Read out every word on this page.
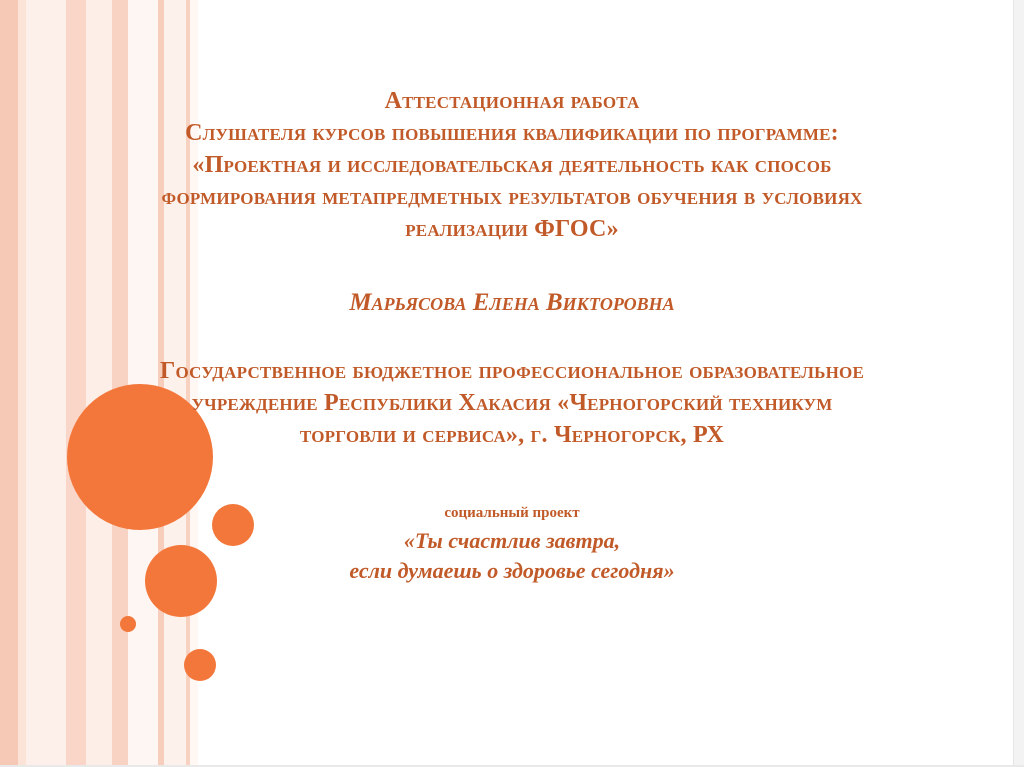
Аттестационная работа
Слушателя курсов повышения квалификации по программе:
«Проектная и исследовательская деятельность как способ
формирования метапредметных результатов обучения в условиях
реализации ФГОС»
Марьясова Елена Викторовна
Государственное бюджетное профессиональное образовательное
учреждение Республики Хакасия «Черногорский техникум
торговли и сервиса», г. Черногорск, РХ
социальный проект
«Ты счастлив завтра,
если думаешь о здоровье сегодня»
